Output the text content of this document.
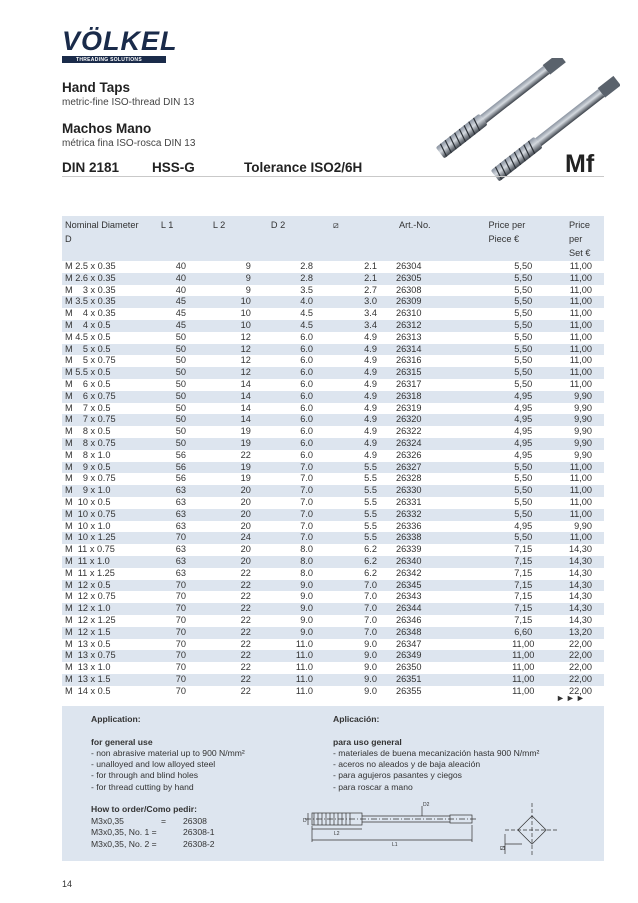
VÖLKEL
THREADING SOLUTIONS
Hand Taps
metric-fine ISO-thread DIN 13
Machos Mano
métrica fina ISO-rosca DIN 13
DIN 2181 HSS-G	Tolerance ISO2/6H	Mf
Nominal Diameter
D	L 1	L 2	D 2	⧄	Art.-No.	Price per
Piece €	Price per
Set €
M 2.5 x 0.35	40	9	2.8	2.1	26304	5,50	11,00
M 2.6 x 0.35	40	9	2.8	2.1	26305	5,50	11,00
M    3 x 0.35	40	9	3.5	2.7	26308	5,50	11,00
M 3.5 x 0.35	45	10	4.0	3.0	26309	5,50	11,00
M    4 x 0.35	45	10	4.5	3.4	26310	5,50	11,00
M    4 x 0.5	45	10	4.5	3.4	26312	5,50	11,00
M 4.5 x 0.5	50	12	6.0	4.9	26313	5,50	11,00
M    5 x 0.5	50	12	6.0	4.9	26314	5,50	11,00
M    5 x 0.75	50	12	6.0	4.9	26316	5,50	11,00
M 5.5 x 0.5	50	12	6.0	4.9	26315	5,50	11,00
M    6 x 0.5	50	14	6.0	4.9	26317	5,50	11,00
M    6 x 0.75	50	14	6.0	4.9	26318	4,95	9,90
M    7 x 0.5	50	14	6.0	4.9	26319	4,95	9,90
M    7 x 0.75	50	14	6.0	4.9	26320	4,95	9,90
M    8 x 0.5	50	19	6.0	4.9	26322	4,95	9,90
M    8 x 0.75	50	19	6.0	4.9	26324	4,95	9,90
M    8 x 1.0	56	22	6.0	4.9	26326	4,95	9,90
M    9 x 0.5	56	19	7.0	5.5	26327	5,50	11,00
M    9 x 0.75	56	19	7.0	5.5	26328	5,50	11,00
M    9 x 1.0	63	20	7.0	5.5	26330	5,50	11,00
M  10 x 0.5	63	20	7.0	5.5	26331	5,50	11,00
M  10 x 0.75	63	20	7.0	5.5	26332	5,50	11,00
M  10 x 1.0	63	20	7.0	5.5	26336	4,95	9,90
M  10 x 1.25	70	24	7.0	5.5	26338	5,50	11,00
M  11 x 0.75	63	20	8.0	6.2	26339	7,15	14,30
M  11 x 1.0	63	20	8.0	6.2	26340	7,15	14,30
M  11 x 1.25	63	22	8.0	6.2	26342	7,15	14,30
M  12 x 0.5	70	22	9.0	7.0	26345	7,15	14,30
M  12 x 0.75	70	22	9.0	7.0	26343	7,15	14,30
M  12 x 1.0	70	22	9.0	7.0	26344	7,15	14,30
M  12 x 1.25	70	22	9.0	7.0	26346	7,15	14,30
M  12 x 1.5	70	22	9.0	7.0	26348	6,60	13,20
M  13 x 0.5	70	22	11.0	9.0	26347	11,00	22,00
M  13 x 0.75	70	22	11.0	9.0	26349	11,00	22,00
M  13 x 1.0	70	22	11.0	9.0	26350	11,00	22,00
M  13 x 1.5	70	22	11.0	9.0	26351	11,00	22,00
M  14 x 0.5	70	22	11.0	9.0	26355	11,00	22,00
►►►
Application:

for general use
- non abrasive material up to 900 N/mm²
- unalloyed and low alloyed steel
- for through and blind holes
- for thread cutting by hand

How to order/Como pedir:
M3x0,35	=	26308
M3x0,35, No. 1 =	26308-1
M3x0,35, No. 2 =	26308-2
Aplicación:

para uso general
- materiales de buena mecanización hasta 900 N/mm²
- aceros no aleados y de baja aleación
- para agujeros pasantes y ciegos
- para roscar a mano
D2
D
L2
L1	⧄
14
